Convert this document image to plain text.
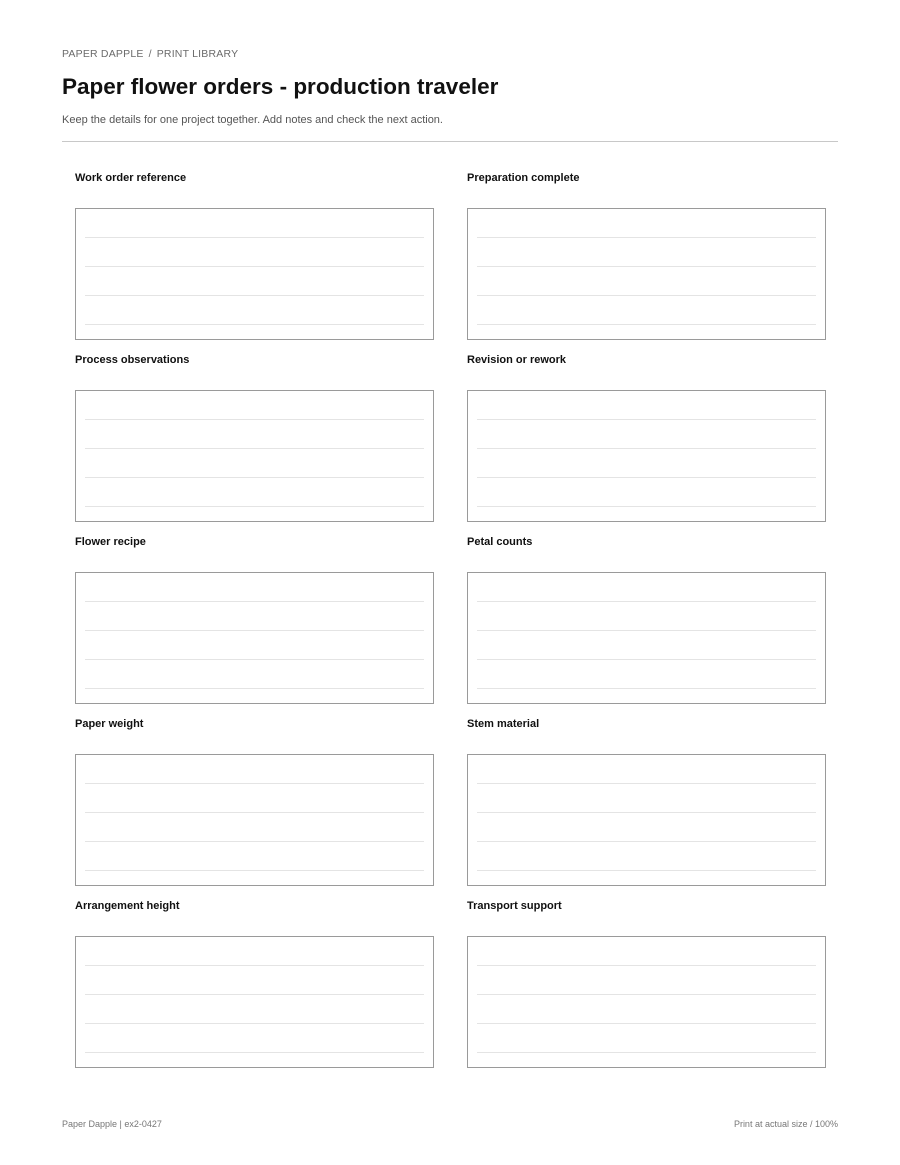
PAPER DAPPLE / PRINT LIBRARY
Paper flower orders - production traveler
Keep the details for one project together. Add notes and check the next action.
Work order reference	Preparation complete
Process observations	Revision or rework
Flower recipe	Petal counts
Paper weight	Stem material
Arrangement height	Transport support
Paper Dapple | ex2-0427	Print at actual size / 100%
